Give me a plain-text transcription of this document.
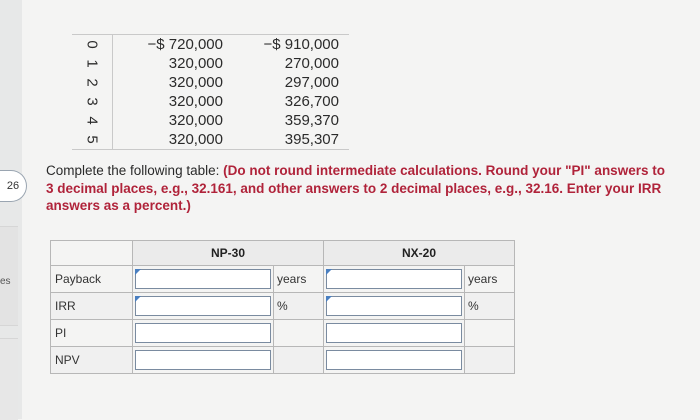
26
es
0	−$ 720,000	−$ 910,000
1	320,000	270,000
2	320,000	297,000
3	320,000	326,700
4	320,000	359,370
5	320,000	395,307
Complete the following table: (Do not round intermediate calculations. Round your "PI" answers to 3 decimal places, e.g., 32.161, and other answers to 2 decimal places, e.g., 32.16. Enter your IRR answers as a percent.)
	NP-30		NX-20	
Payback		years		years
IRR		%		%
PI	

NPV	
